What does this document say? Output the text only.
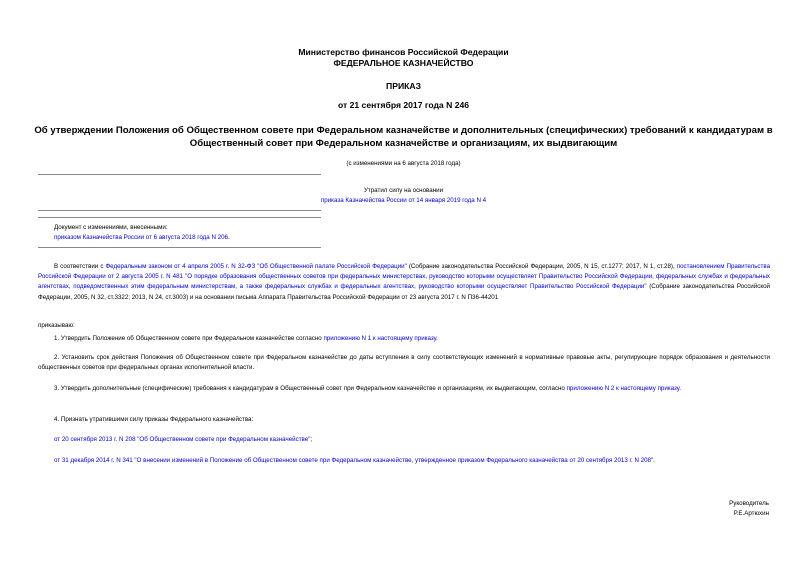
Министерство финансов Российской Федерации
ФЕДЕРАЛЬНОЕ КАЗНАЧЕЙСТВО
ПРИКАЗ
от 21 сентября 2017 года N 246
Об утверждении Положения об Общественном совете при Федеральном казначействе и дополнительных (специфических) требований к кандидатурам в
Общественный совет при Федеральном казначействе и организациям, их выдвигающим
(с изменениями на 6 августа 2018 года)
Утратил силу на основании
приказа Казначейства России от 14 января 2019 года N 4
Документ с изменениями, внесенными:
приказом Казначейства России от 6 августа 2018 года N 206.
В соответствии с Федеральным законом от 4 апреля 2005 г. N 32-ФЗ "Об Общественной палате Российской Федерации" (Собрание законодательства Российской Федерации, 2005, N 15, ст.1277; 2017, N 1, ст.28), постановлением Правительства Российской Федерации от 2 августа 2005 г. N 481 "О порядке образования общественных советов при федеральных министерствах, руководство которыми осуществляет Правительство Российской Федерации, федеральных службах и федеральных агентствах, подведомственных этим федеральным министерствам, а также федеральных службах и федеральных агентствах, руководство которыми осуществляет Правительство Российской Федерации" (Собрание законодательства Российской Федерации, 2005, N 32, ст.3322; 2013, N 24, ст.3003) и на основании письма Аппарата Правительства Российской Федерации от 23 августа 2017 г. N П36-44201
приказываю:
1. Утвердить Положение об Общественном совете при Федеральном казначействе согласно приложению N 1 к настоящему приказу.
2. Установить срок действия Положения об Общественном совете при Федеральном казначействе до даты вступления в силу соответствующих изменений в нормативные правовые акты, регулирующие порядок образования и деятельности общественных советов при федеральных органах исполнительной власти.
3. Утвердить дополнительные (специфические) требования к кандидатурам в Общественный совет при Федеральном казначействе и организациям, их выдвигающим, согласно приложению N 2 к настоящему приказу.
4. Признать утратившими силу приказы Федерального казначейства:
от 20 сентября 2013 г. N 208 "Об Общественном совете при Федеральном казначействе";
от 31 декабря 2014 г. N 341 "О внесении изменений в Положение об Общественном совете при Федеральном казначействе, утвержденное приказом Федерального казначейства от 20 сентября 2013 г. N 208".
Руководитель
Р.Е.Артюхин
